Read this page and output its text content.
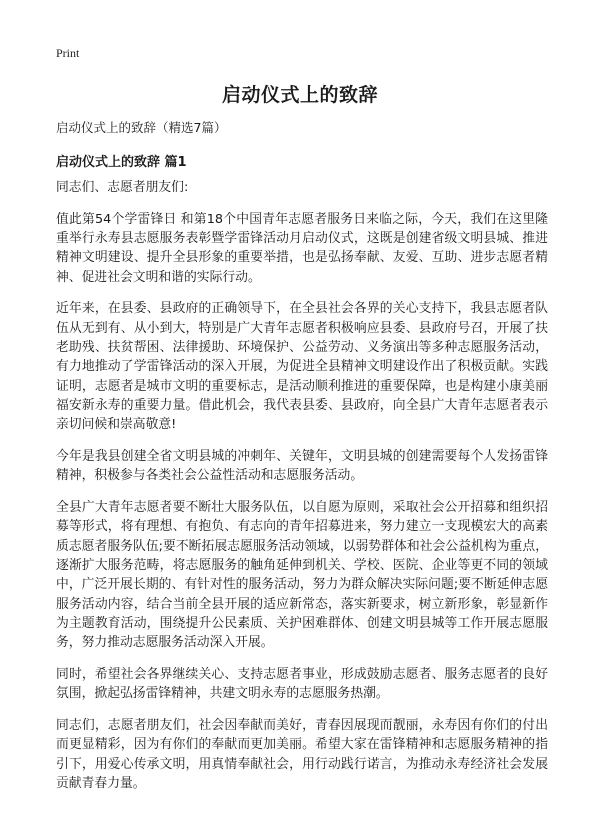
Print
启动仪式上的致辞
启动仪式上的致辞（精选7篇）
启动仪式上的致辞 篇1

同志们、志愿者朋友们:

值此第54个学雷锋日 和第18个中国青年志愿者服务日来临之际，今天，我们在这里隆重举行永寿县志愿服务表彰暨学雷锋活动月启动仪式，这既是创建省级文明县城、推进精神文明建设、提升全县形象的重要举措，也是弘扬奉献、友爱、互助、进步志愿者精神、促进社会文明和谐的实际行动。

近年来，在县委、县政府的正确领导下，在全县社会各界的关心支持下，我县志愿者队伍从无到有、从小到大，特别是广大青年志愿者积极响应县委、县政府号召，开展了扶老助残、扶贫帮困、法律援助、环境保护、公益劳动、义务演出等多种志愿服务活动，有力地推动了学雷锋活动的深入开展，为促进全县精神文明建设作出了积极贡献。实践证明，志愿者是城市文明的重要标志，是活动顺利推进的重要保障，也是构建小康美丽福安新永寿的重要力量。借此机会，我代表县委、县政府，向全县广大青年志愿者表示亲切问候和崇高敬意!

今年是我县创建全省文明县城的冲刺年、关键年，文明县城的创建需要每个人发扬雷锋精神，积极参与各类社会公益性活动和志愿服务活动。

全县广大青年志愿者要不断壮大服务队伍，以自愿为原则，采取社会公开招募和组织招募等形式，将有理想、有抱负、有志向的青年招募进来，努力建立一支现模宏大的高素质志愿者服务队伍;要不断拓展志愿服务活动领域，以弱势群体和社会公益机构为重点，逐渐扩大服务范畴，将志愿服务的触角延伸到机关、学校、医院、企业等更不同的领域中，广泛开展长期的、有针对性的服务活动，努力为群众解决实际问题;要不断延伸志愿服务活动内容，结合当前全县开展的适应新常态，落实新要求，树立新形象，彰显新作为主题教育活动，围绕提升公民素质、关护困难群体、创建文明县城等工作开展志愿服务，努力推动志愿服务活动深入开展。

同时，希望社会各界继续关心、支持志愿者事业，形成鼓励志愿者、服务志愿者的良好氛围，掀起弘扬雷锋精神，共建文明永寿的志愿服务热潮。

同志们，志愿者朋友们，社会因奉献而美好，青春因展现而靓丽，永寿因有你们的付出而更显精彩，因为有你们的奉献而更加美丽。希望大家在雷锋精神和志愿服务精神的指引下，用爱心传承文明，用真情奉献社会，用行动践行诺言，为推动永寿经济社会发展贡献青春力量。
